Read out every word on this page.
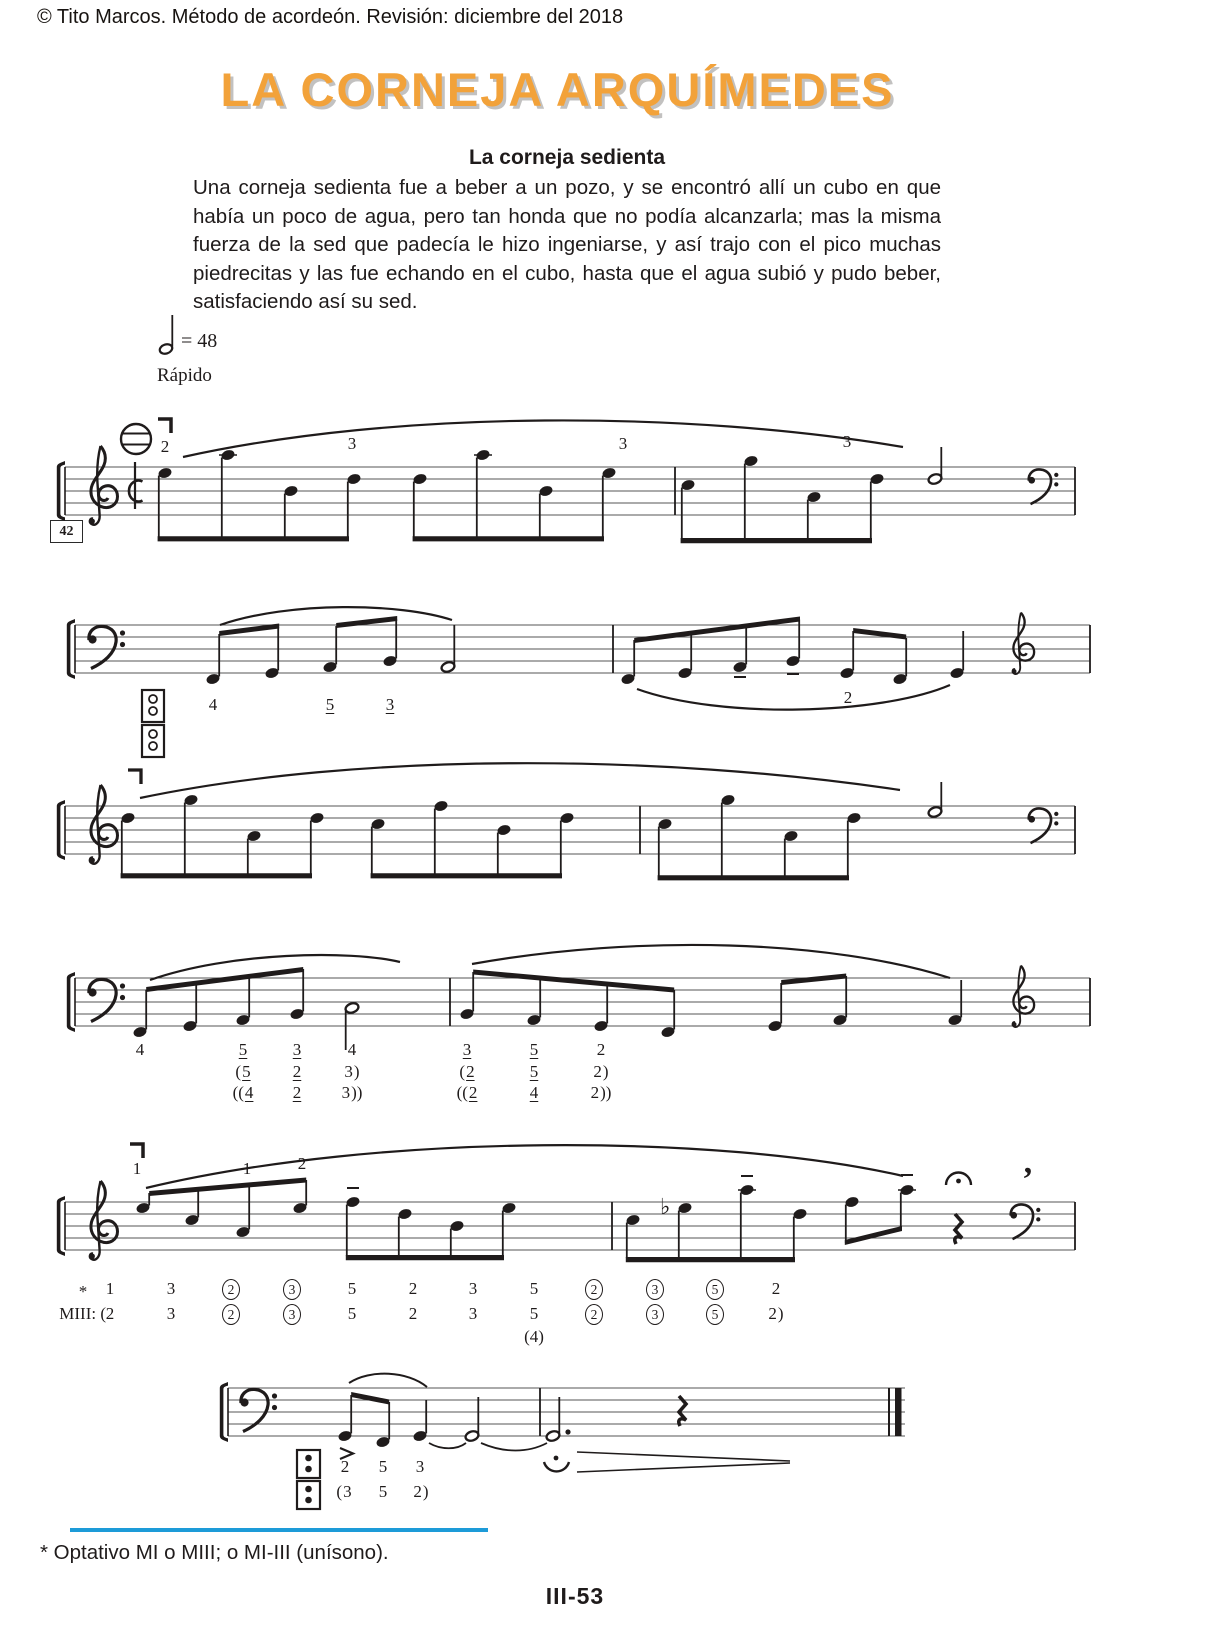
© Tito Marcos. Método de acordeón. Revisión: diciembre del 2018
LA CORNEJA ARQUÍMEDES
La corneja sedienta

Una corneja sedienta fue a beber a un pozo, y se encontró allí un cubo en que había un poco de agua, pero tan honda que no podía alcanzarla; mas la misma fuerza de la sed que padecía le hizo ingeniarse, y así trajo con el pico muchas piedrecitas y las fue echando en el cubo, hasta que el agua subió y pudo beber, satisfaciendo así su sed.

= 48
Rápido
42
♭
’
2	3	3	3
4	5	3	2
4	5	3	4	3	5	2
( 5 2	3 )	( 2	5	2 )
(( 4 2 3 ))	(( 2	4	2 ))
1	1	2
* 1	3	2	3	5	2	3	5	2	3	5	2
MIII: ( 2	3	2	3	5	2	3	5	2	3	5	2 )
(4)
2 5 3
( 3 5 2 )
* Optativo MI o MIII; o MI-III (unísono).
III-53
